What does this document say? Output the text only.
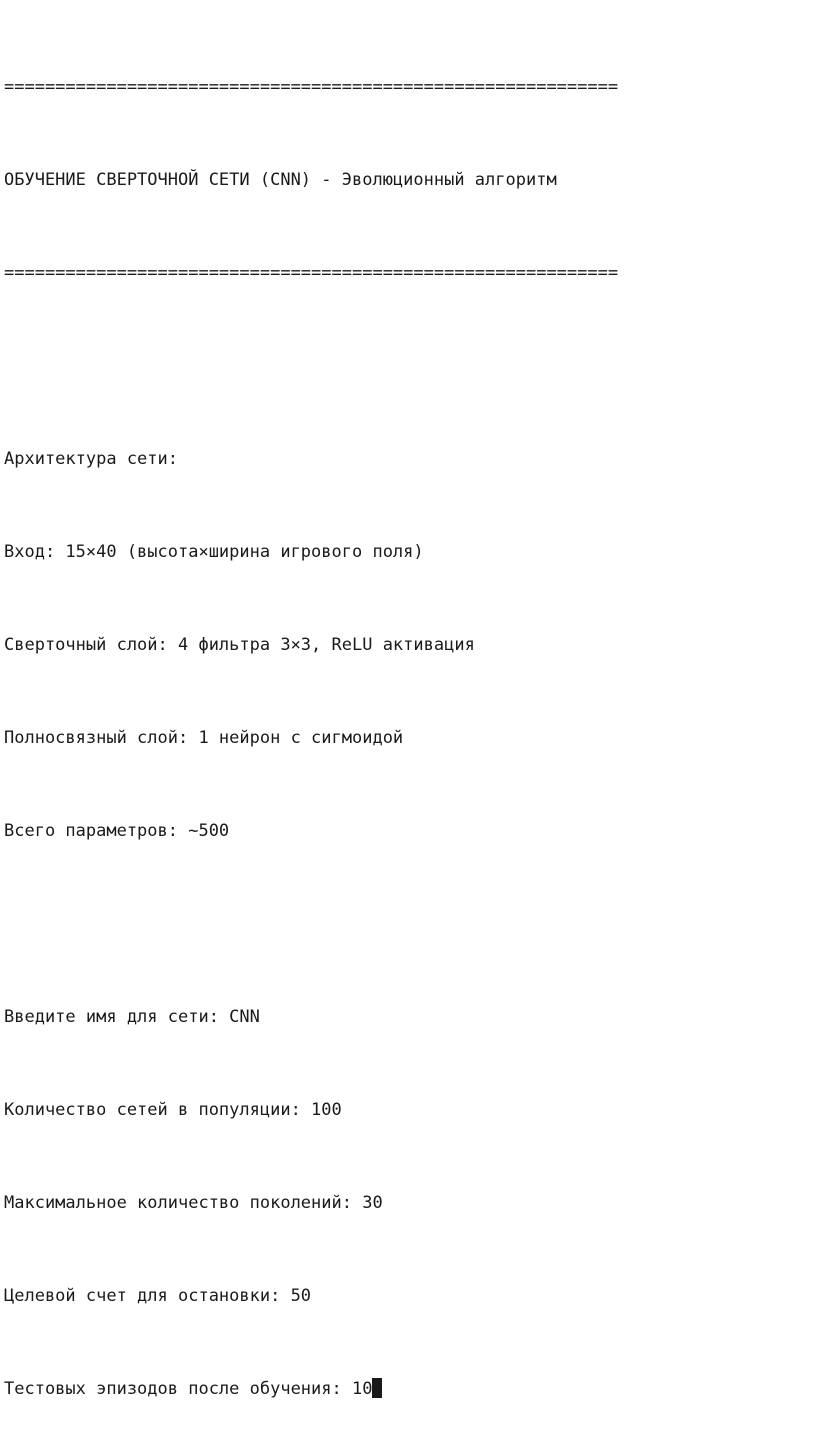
============================================================

ОБУЧЕНИЕ СВЕРТОЧНОЙ СЕТИ (CNN) - Эволюционный алгоритм

============================================================

Архитектура сети:

Вход: 15×40 (высота×ширина игрового поля)

Сверточный слой: 4 фильтра 3×3, ReLU активация

Полносвязный слой: 1 нейрон с сигмоидой

Всего параметров: ~500

Введите имя для сети: CNN

Количество сетей в популяции: 100

Максимальное количество поколений: 30

Целевой счет для остановки: 50

Тестовых эпизодов после обучения: 10
